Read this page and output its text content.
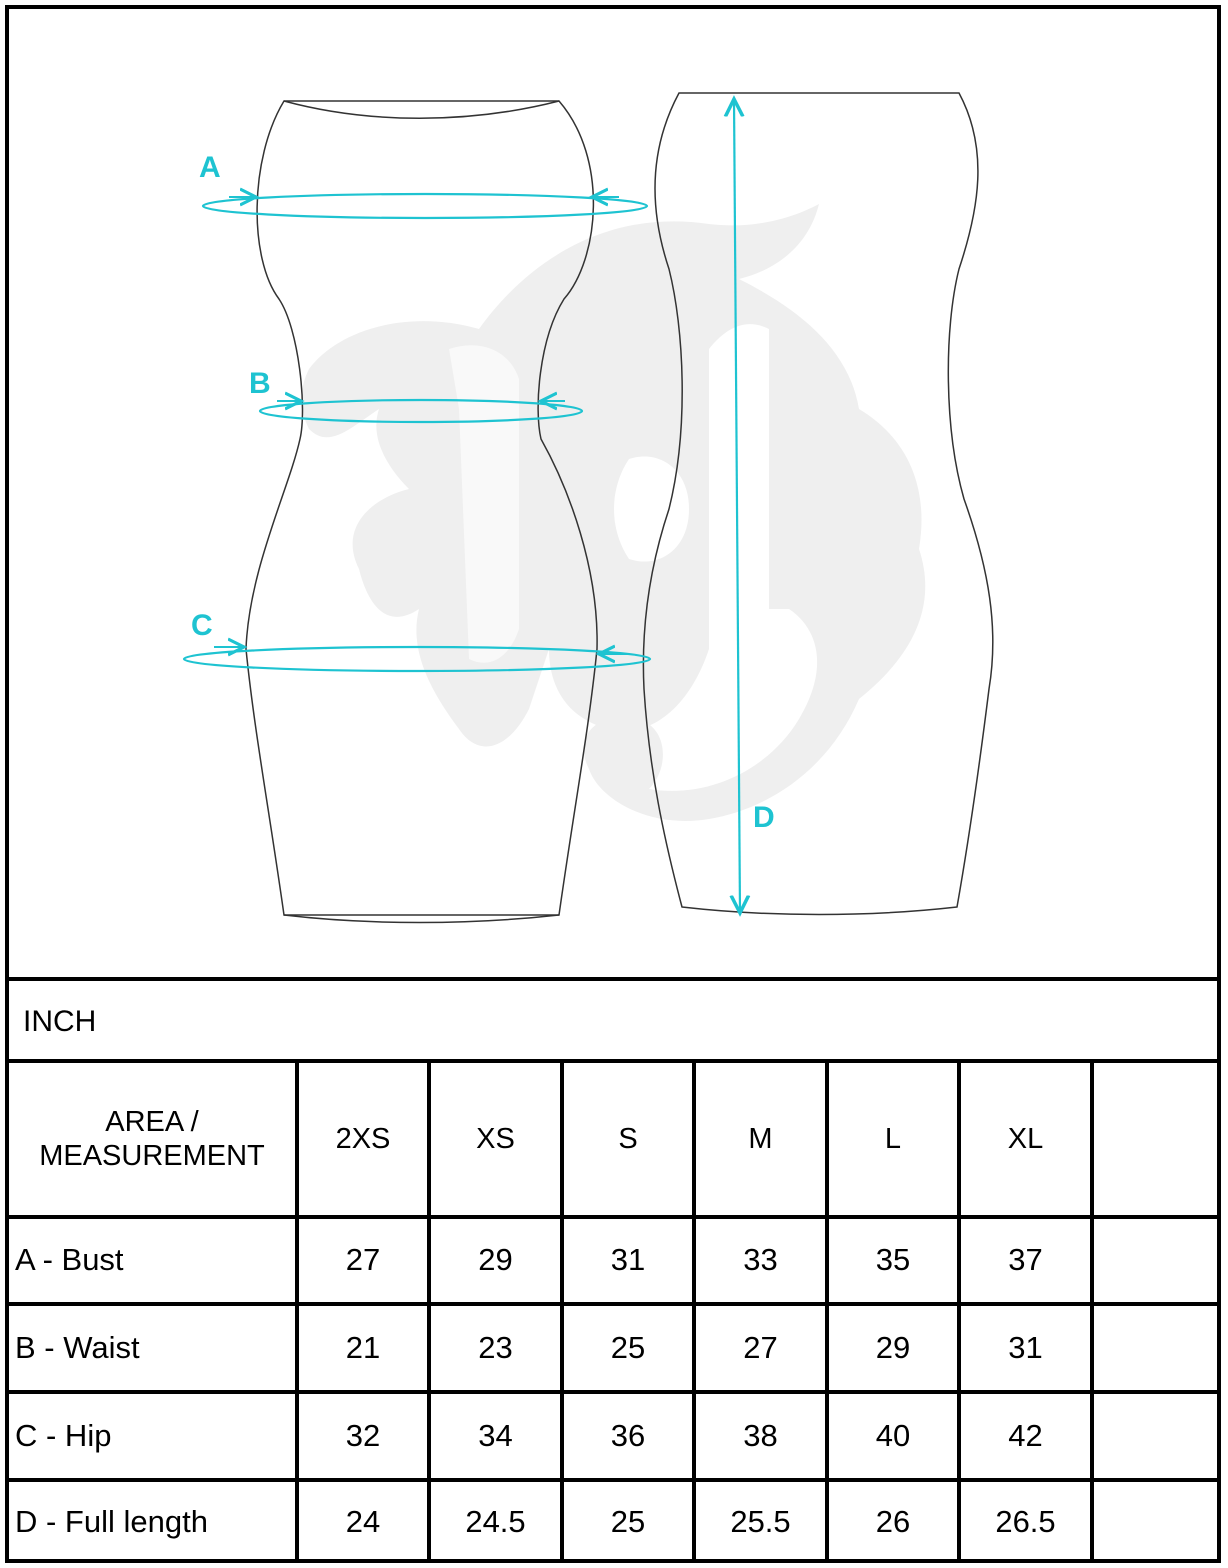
A
B
C
D
INCH
AREA /
MEASUREMENT	2XS	XS	S	M	L	XL	
A - Bust	27	29	31	33	35	37	
B - Waist	21	23	25	27	29	31	
C - Hip	32	34	36	38	40	42	
D - Full length	24	24.5	25	25.5	26	26.5	
